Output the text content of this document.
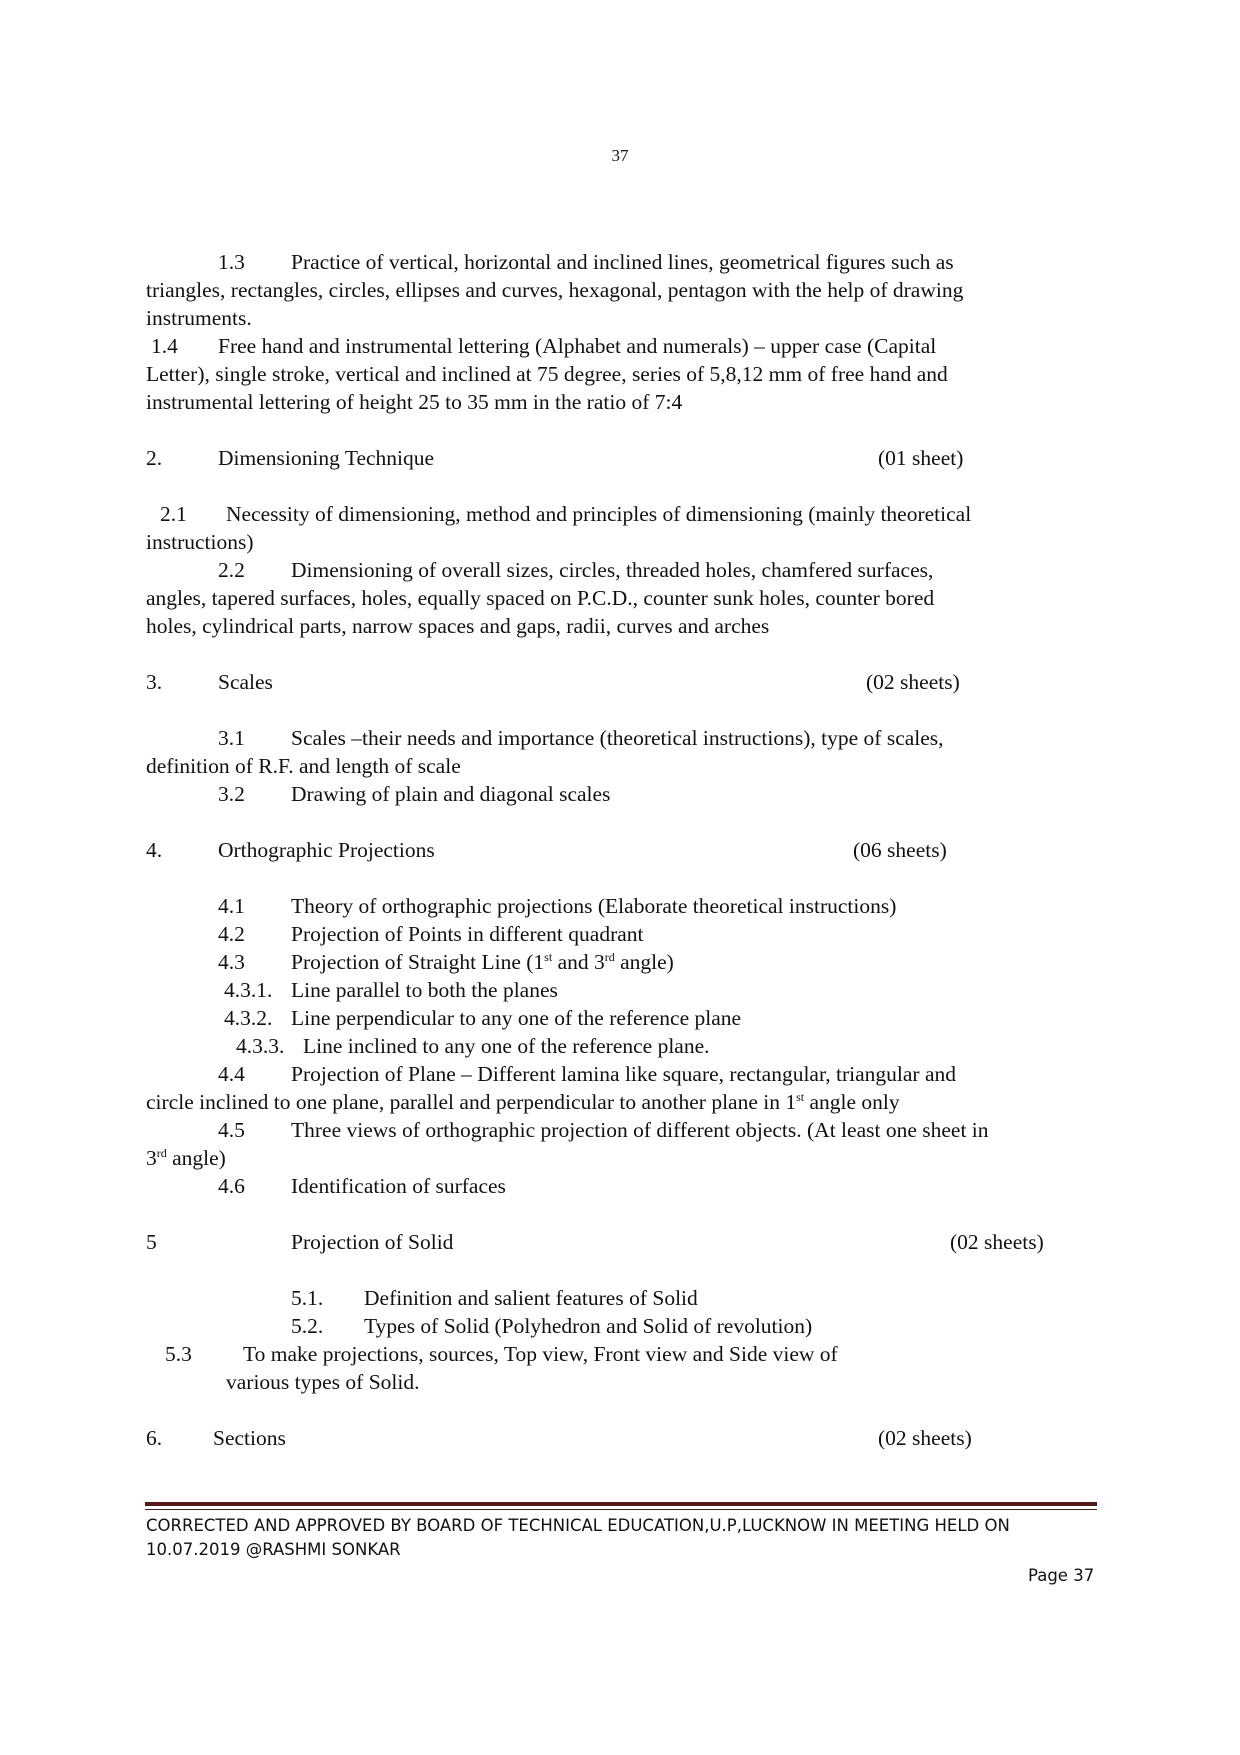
37
1.3 Practice of vertical, horizontal and inclined lines, geometrical figures such as
triangles, rectangles, circles, ellipses and curves, hexagonal, pentagon with the help of drawing
instruments.
1.4 Free hand and instrumental lettering (Alphabet and numerals) – upper case (Capital
Letter), single stroke, vertical and inclined at 75 degree, series of 5,8,12 mm of free hand and
instrumental lettering of height 25 to 35 mm in the ratio of 7:4
2.	Dimensioning Technique	(01 sheet)
2.1 Necessity of dimensioning, method and principles of dimensioning (mainly theoretical
instructions)
2.2 Dimensioning of overall sizes, circles, threaded holes, chamfered surfaces,
angles, tapered surfaces, holes, equally spaced on P.C.D., counter sunk holes, counter bored
holes, cylindrical parts, narrow spaces and gaps, radii, curves and arches
3.	Scales	(02 sheets)
3.1 Scales –their needs and importance (theoretical instructions), type of scales,
definition of R.F. and length of scale
3.2 Drawing of plain and diagonal scales
4.	Orthographic Projections	(06 sheets)
4.1 Theory of orthographic projections (Elaborate theoretical instructions)
4.2 Projection of Points in different quadrant
4.3 Projection of Straight Line (1st and 3rd angle)
4.3.1. Line parallel to both the planes
4.3.2. Line perpendicular to any one of the reference plane
4.3.3. Line inclined to any one of the reference plane.
4.4 Projection of Plane – Different lamina like square, rectangular, triangular and
circle inclined to one plane, parallel and perpendicular to another plane in 1st angle only
4.5 Three views of orthographic projection of different objects. (At least one sheet in
3rd angle)
4.6 Identification of surfaces
5	Projection of Solid	(02 sheets)
5.1. Definition and salient features of Solid
5.2. Types of Solid (Polyhedron and Solid of revolution)
5.3 To make projections, sources, Top view, Front view and Side view of
various types of Solid.
6. Sections	(02 sheets)
CORRECTED AND APPROVED BY BOARD OF TECHNICAL EDUCATION,U.P,LUCKNOW IN MEETING HELD ON
10.07.2019 @RASHMI SONKAR
Page 37
